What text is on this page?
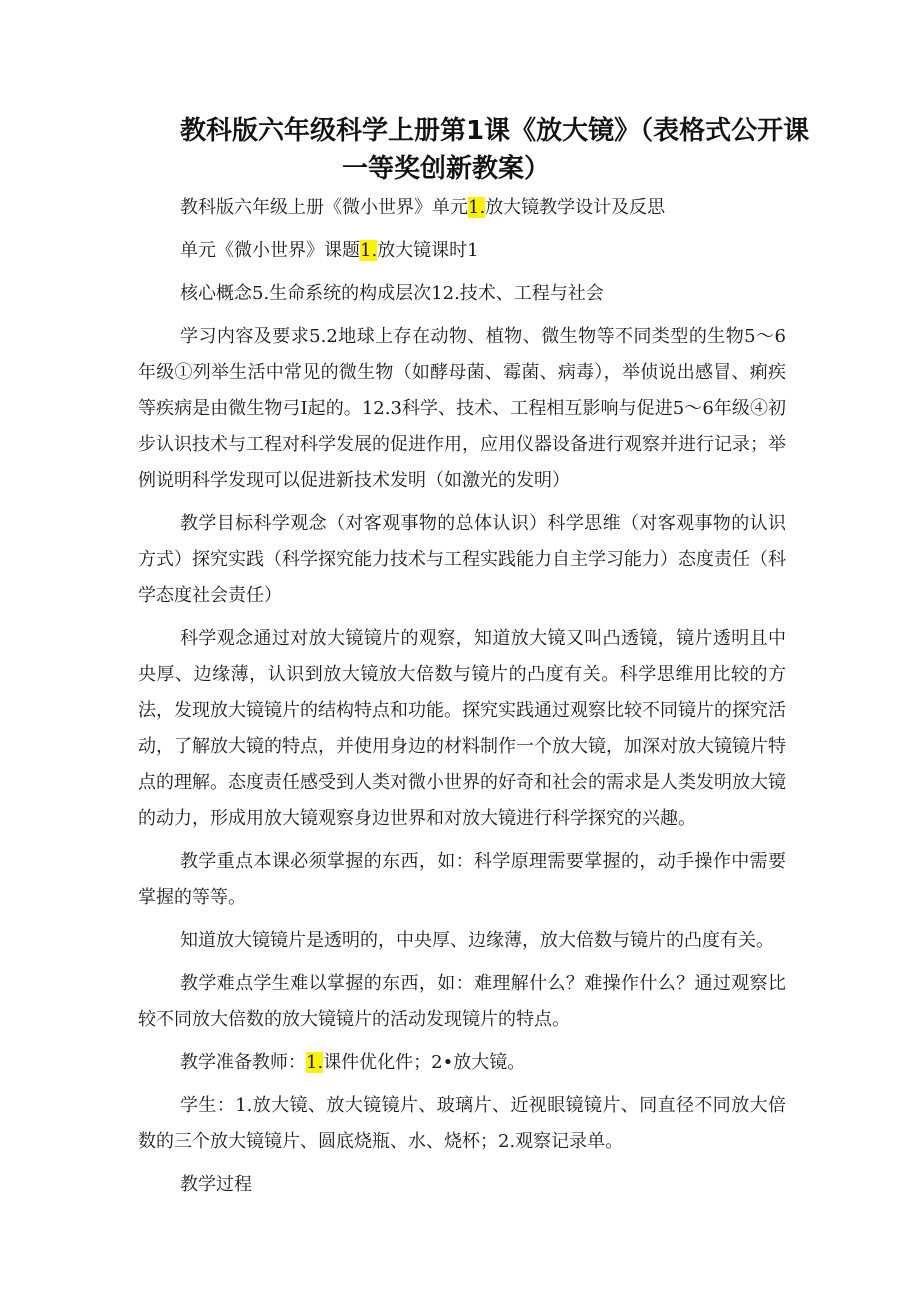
教科版六年级科学上册第1课《放大镜》（表格式公开课
一等奖创新教案）

教科版六年级上册《微小世界》单元1.放大镜教学设计及反思

单元《微小世界》课题1.放大镜课时1

核心概念5.生命系统的构成层次12.技术、工程与社会

学习内容及要求5.2地球上存在动物、植物、微生物等不同类型的生物5～6年级①列举生活中常见的微生物（如酵母菌、霉菌、病毒），举侦说出感冒、痢疾等疾病是由微生物弓I起的。12.3科学、技术、工程相互影响与促进5～6年级④初步认识技术与工程对科学发展的促进作用，应用仪器设备进行观察并进行记录；举例说明科学发现可以促进新技术发明（如激光的发明）

教学目标科学观念（对客观事物的总体认识）科学思维（对客观事物的认识方式）探究实践（科学探究能力技术与工程实践能力自主学习能力）态度责任（科学态度社会责任）

科学观念通过对放大镜镜片的观察，知道放大镜又叫凸透镜，镜片透明且中央厚、边缘薄，认识到放大镜放大倍数与镜片的凸度有关。科学思维用比较的方法，发现放大镜镜片的结构特点和功能。探究实践通过观察比较不同镜片的探究活动，了解放大镜的特点，并使用身边的材料制作一个放大镜，加深对放大镜镜片特点的理解。态度责任感受到人类对微小世界的好奇和社会的需求是人类发明放大镜的动力，形成用放大镜观察身边世界和对放大镜进行科学探究的兴趣。

教学重点本课必须掌握的东西，如：科学原理需要掌握的，动手操作中需要掌握的等等。

知道放大镜镜片是透明的，中央厚、边缘薄，放大倍数与镜片的凸度有关。

教学难点学生难以掌握的东西，如：难理解什么？难操作什么？通过观察比较不同放大倍数的放大镜镜片的活动发现镜片的特点。

教学准备教师：1.课件优化件；2•放大镜。

学生：1.放大镜、放大镜镜片、玻璃片、近视眼镜镜片、同直径不同放大倍数的三个放大镜镜片、圆底烧瓶、水、烧杯；2.观察记录单。

教学过程
